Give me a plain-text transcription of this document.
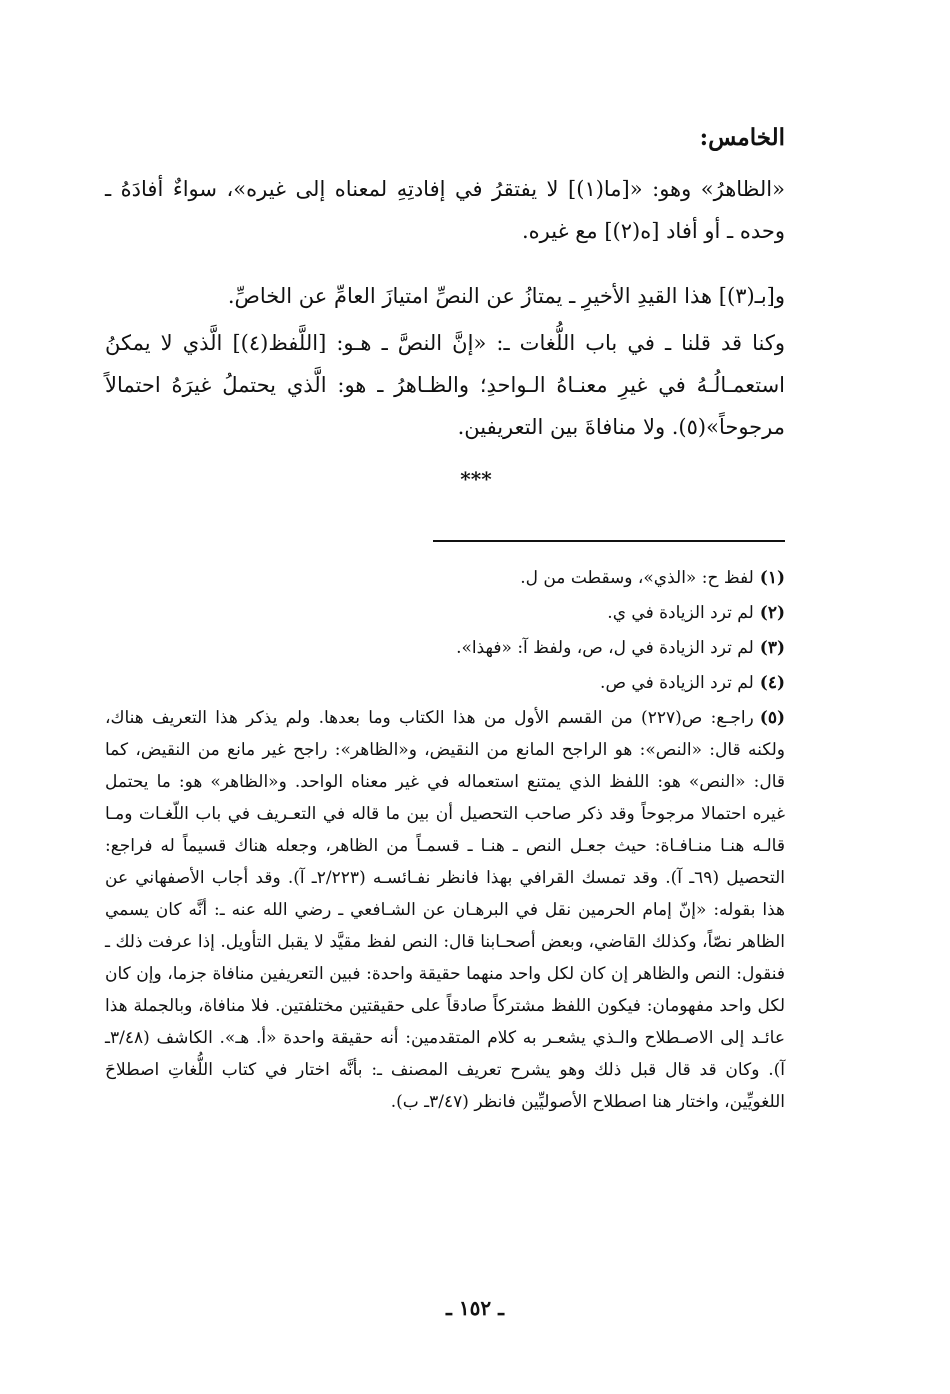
الخامس:

«الظاهرُ» وهو: «[ما(١)] لا يفتقرُ في إفادتِهِ لمعناه إلى غيره»، سواءٌ أفادَهُ ـ وحده ـ أو أفاد [ه(٢)] مع غيره.

و[بـ(٣)] هذا القيدِ الأخيرِ ـ يمتازُ عن النصِّ امتيازَ العامِّ عن الخاصِّ.

وكنا قد قلنا ـ في باب اللُّغات ـ: «إنَّ النصَّ ـ هـو: [اللَّفظ(٤)] الَّذي لا يمكنُ استعمـالُـهُ في غيرِ معنـاهُ الـواحدِ؛ والظـاهرُ ـ هو: الَّذي يحتملُ غيرَهُ احتمالاً مرجوحاً»(٥). ولا منافاةَ بين التعريفين.

***

(١)لفظ ح: «الذي»، وسقطت من ل.

(٢)لم ترد الزيادة في ي.

(٣)لم ترد الزيادة في ل، ص، ولفظ آ: «فهذا».

(٤)لم ترد الزيادة في ص.

(٥)راجـع: ص(٢٢٧) من القسم الأول من هذا الكتاب وما بعدها. ولم يذكر هذا التعريف هناك، ولكنه قال: «النص»: هو الراجح المانع من النقيض، و«الظاهر»: راجح غير مانع من النقيض، كما قال: «النص» هو: اللفظ الذي يمتنع استعماله في غير معناه الواحد. و«الظاهر» هو: ما يحتمل غيره احتمالا مرجوحاً وقد ذكر صاحب التحصيل أن بين ما قاله في التعـريف في باب اللّغـات ومـا قالـه هنـا منـافـاة: حيث جعـل النص ـ هنـا ـ قسمـاً من الظاهر، وجعله هناك قسيماً له فراجع: التحصيل (٦٩ـ آ). وقد تمسك القرافي بهذا فانظر نفـائسـه (٢/٢٢٣ـ آ). وقد أجاب الأصفهاني عن هذا بقوله: «إنّ إمام الحرمين نقل في البرهـان عن الشـافعي ـ رضي الله عنه ـ: أنَّه كان يسمي الظاهر نصّاً، وكذلك القاضي، وبعض أصحـابنا قال: النص لفظ مقيَّد لا يقبل التأويل. إذا عرفت ذلك ـ فنقول: النص والظاهر إن كان لكل واحد منهما حقيقة واحدة: فبين التعريفين منافاة جزما، وإن كان لكل واحد مفهومان: فيكون اللفظ مشتركاً صادقاً على حقيقتين مختلفتين. فلا منافاة، وبالجملة هذا عائـد إلى الاصـطلاح والـذي يشعـر به كلام المتقدمين: أنه حقيقة واحدة «أ. هـ». الكاشف (٣/٤٨ـ آ). وكان قد قال قبل ذلك وهو يشرح تعريف المصنف ـ: بأنَّه اختار في كتاب اللُّغاتِ اصطلاحَ اللغويِّين، واختار هنا اصطلاح الأصوليِّين فانظر (٣/٤٧ـ ب).

ـ ١٥٢ ـ
